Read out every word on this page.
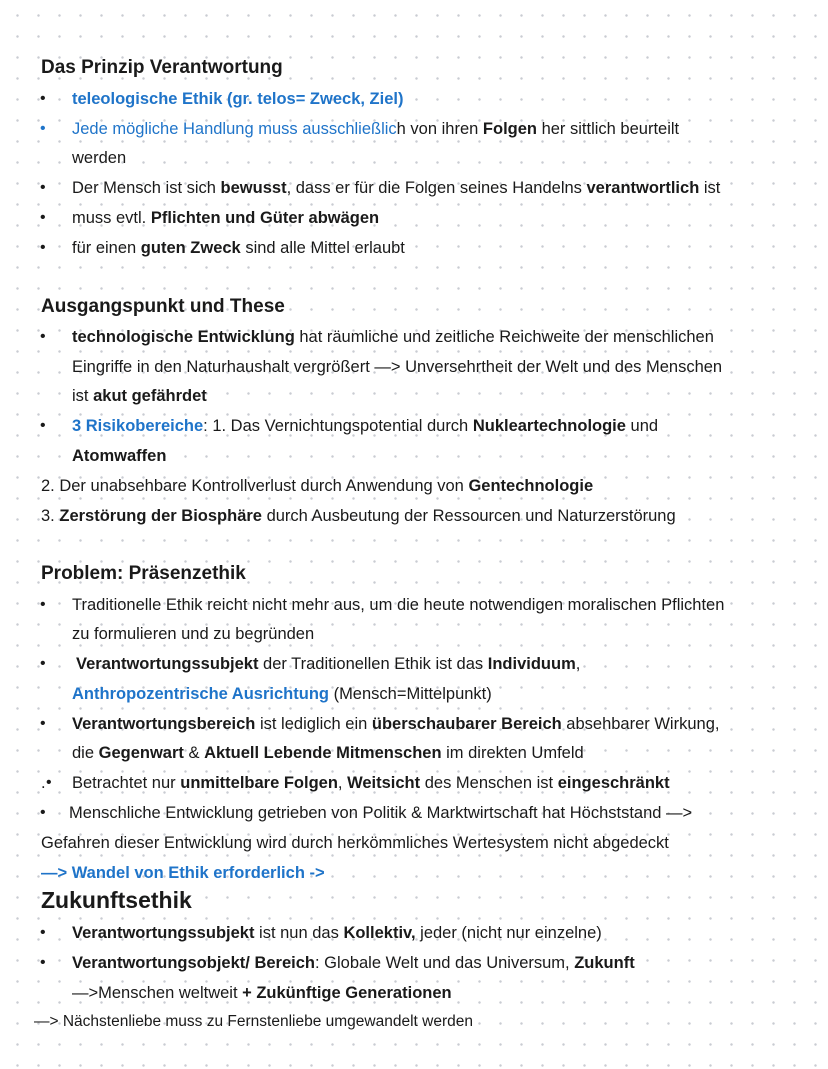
Das Prinzip Verantwortung
• teleologische Ethik (gr. telos= Zweck, Ziel)
• Jede mögliche Handlung muss ausschließlich von ihren Folgen her sittlich beurteilt
werden
• Der Mensch ist sich bewusst, dass er für die Folgen seines Handelns verantwortlich ist
• muss evtl. Pflichten und Güter abwägen
• für einen guten Zweck sind alle Mittel erlaubt
Ausgangspunkt und These
• technologische Entwicklung hat räumliche und zeitliche Reichweite der menschlichen
Eingriffe in den Naturhaushalt vergrößert —> Unversehrtheit der Welt und des Menschen
ist akut gefährdet
• 3 Risikobereiche: 1. Das Vernichtungspotential durch Nukleartechnologie und
Atomwaffen
2. Der unabsehbare Kontrollverlust durch Anwendung von Gentechnologie
3. Zerstörung der Biosphäre durch Ausbeutung der Ressourcen und Naturzerstörung
Problem: Präsenzethik
• Traditionelle Ethik reicht nicht mehr aus, um die heute notwendigen moralischen Pflichten
zu formulieren und zu begründen
• Verantwortungssubjekt der Traditionellen Ethik ist das Individuum,
Anthropozentrische Ausrichtung (Mensch=Mittelpunkt)
• Verantwortungsbereich ist lediglich ein überschaubarer Bereich absehbarer Wirkung,
die Gegenwart & Aktuell Lebende Mitmenschen im direkten Umfeld
. • Betrachtet nur unmittelbare Folgen, Weitsicht des Menschen ist eingeschränkt
• Menschliche Entwicklung getrieben von Politik & Marktwirtschaft hat Höchststand —>
Gefahren dieser Entwicklung wird durch herkömmliches Wertesystem nicht abgedeckt
—> Wandel von Ethik erforderlich ->
Zukunftsethik
• Verantwortungssubjekt ist nun das Kollektiv, jeder (nicht nur einzelne)
• Verantwortungsobjekt/ Bereich: Globale Welt und das Universum, Zukunft
—>Menschen weltweit + Zukünftige Generationen
—> Nächstenliebe muss zu Fernstenliebe umgewandelt werden
